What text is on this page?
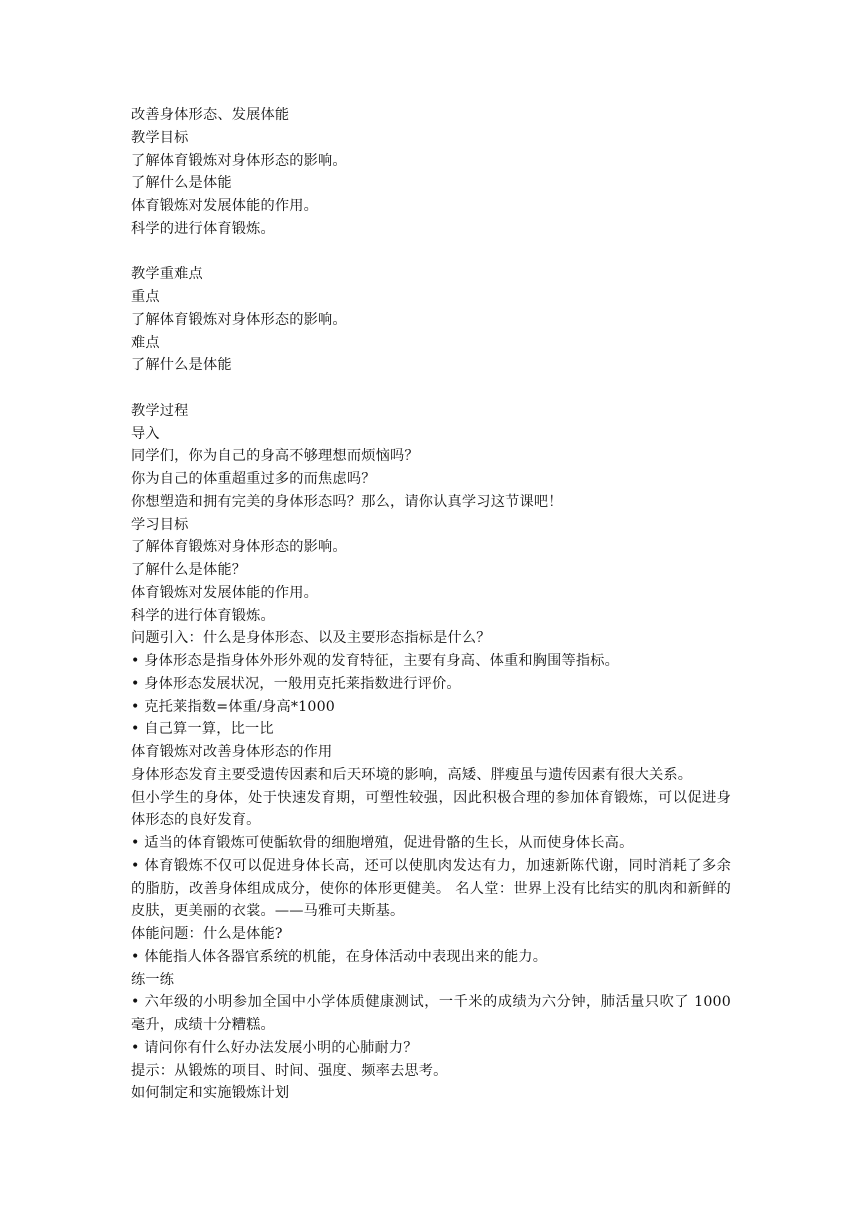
改善身体形态、发展体能
教学目标
了解体育锻炼对身体形态的影响。
了解什么是体能
体育锻炼对发展体能的作用。
科学的进行体育锻炼。
教学重难点
重点
了解体育锻炼对身体形态的影响。
难点
了解什么是体能
教学过程
导入
同学们，你为自己的身高不够理想而烦恼吗？
你为自己的体重超重过多的而焦虑吗？
你想塑造和拥有完美的身体形态吗？那么，请你认真学习这节课吧！
学习目标
了解体育锻炼对身体形态的影响。
了解什么是体能？
体育锻炼对发展体能的作用。
科学的进行体育锻炼。
问题引入：什么是身体形态、以及主要形态指标是什么？
• 身体形态是指身体外形外观的发育特征，主要有身高、体重和胸围等指标。
• 身体形态发展状况，一般用克托莱指数进行评价。
• 克托莱指数=体重/身高*1000
• 自己算一算，比一比
体育锻炼对改善身体形态的作用
身体形态发育主要受遗传因素和后天环境的影响，高矮、胖瘦虽与遗传因素有很大关系。
但小学生的身体，处于快速发育期，可塑性较强，因此积极合理的参加体育锻炼，可以促进身体形态的良好发育。
• 适当的体育锻炼可使骺软骨的细胞增殖，促进骨骼的生长，从而使身体长高。
• 体育锻炼不仅可以促进身体长高，还可以使肌肉发达有力，加速新陈代谢，同时消耗了多余的脂肪，改善身体组成成分，使你的体形更健美。 名人堂：世界上没有比结实的肌肉和新鲜的皮肤，更美丽的衣裳。——马雅可夫斯基。
体能问题：什么是体能?
• 体能指人体各器官系统的机能，在身体活动中表现出来的能力。
练一练
• 六年级的小明参加全国中小学体质健康测试，一千米的成绩为六分钟，肺活量只吹了 1000 毫升，成绩十分糟糕。
• 请问你有什么好办法发展小明的心肺耐力？
提示：从锻炼的项目、时间、强度、频率去思考。
如何制定和实施锻炼计划
